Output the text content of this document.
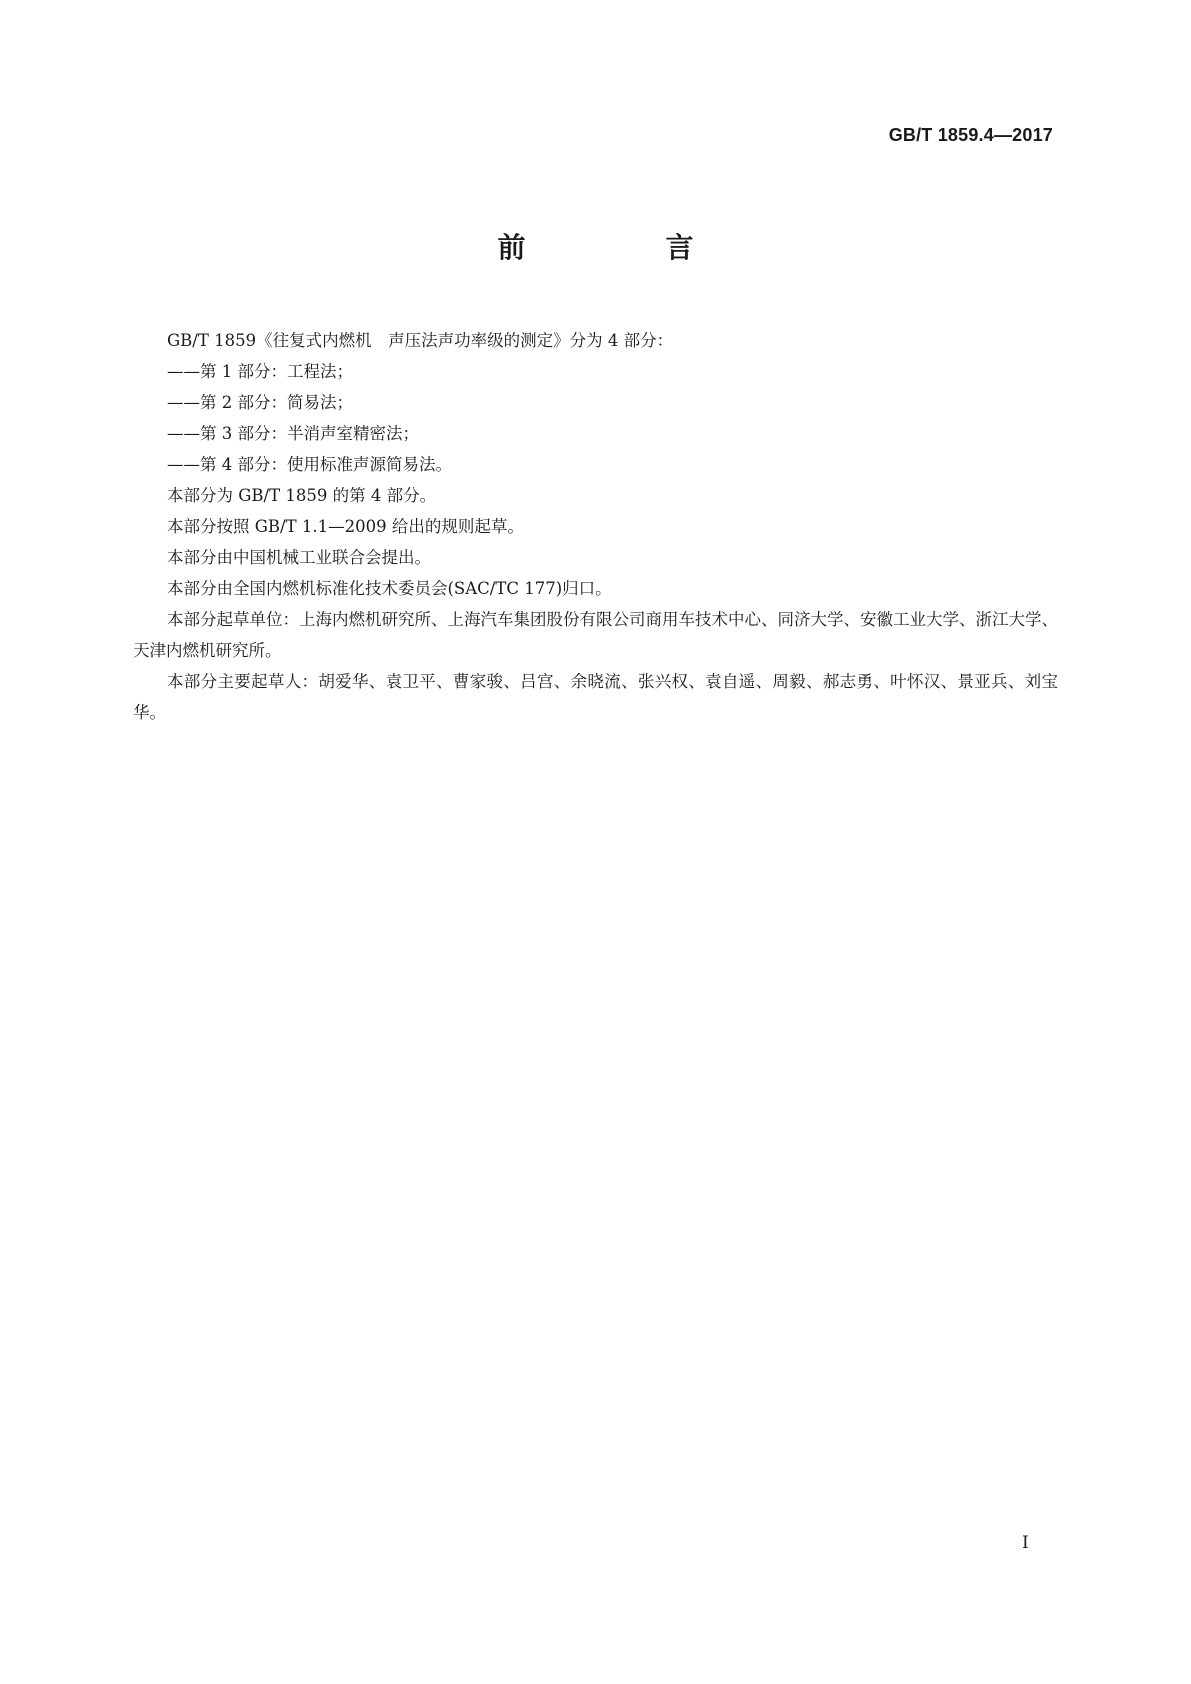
GB/T 1859.4—2017
前　言

GB/T 1859《往复式内燃机　声压法声功率级的测定》分为 4 部分：

——第 1 部分：工程法；

——第 2 部分：简易法；

——第 3 部分：半消声室精密法；

——第 4 部分：使用标准声源简易法。

本部分为 GB/T 1859 的第 4 部分。

本部分按照 GB/T 1.1—2009 给出的规则起草。

本部分由中国机械工业联合会提出。

本部分由全国内燃机标准化技术委员会(SAC/TC 177)归口。

本部分起草单位：上海内燃机研究所、上海汽车集团股份有限公司商用车技术中心、同济大学、安徽工业大学、浙江大学、天津内燃机研究所。

本部分主要起草人：胡爱华、袁卫平、曹家骏、吕宫、余晓流、张兴权、袁自遥、周毅、郝志勇、叶怀汉、景亚兵、刘宝华。

I
